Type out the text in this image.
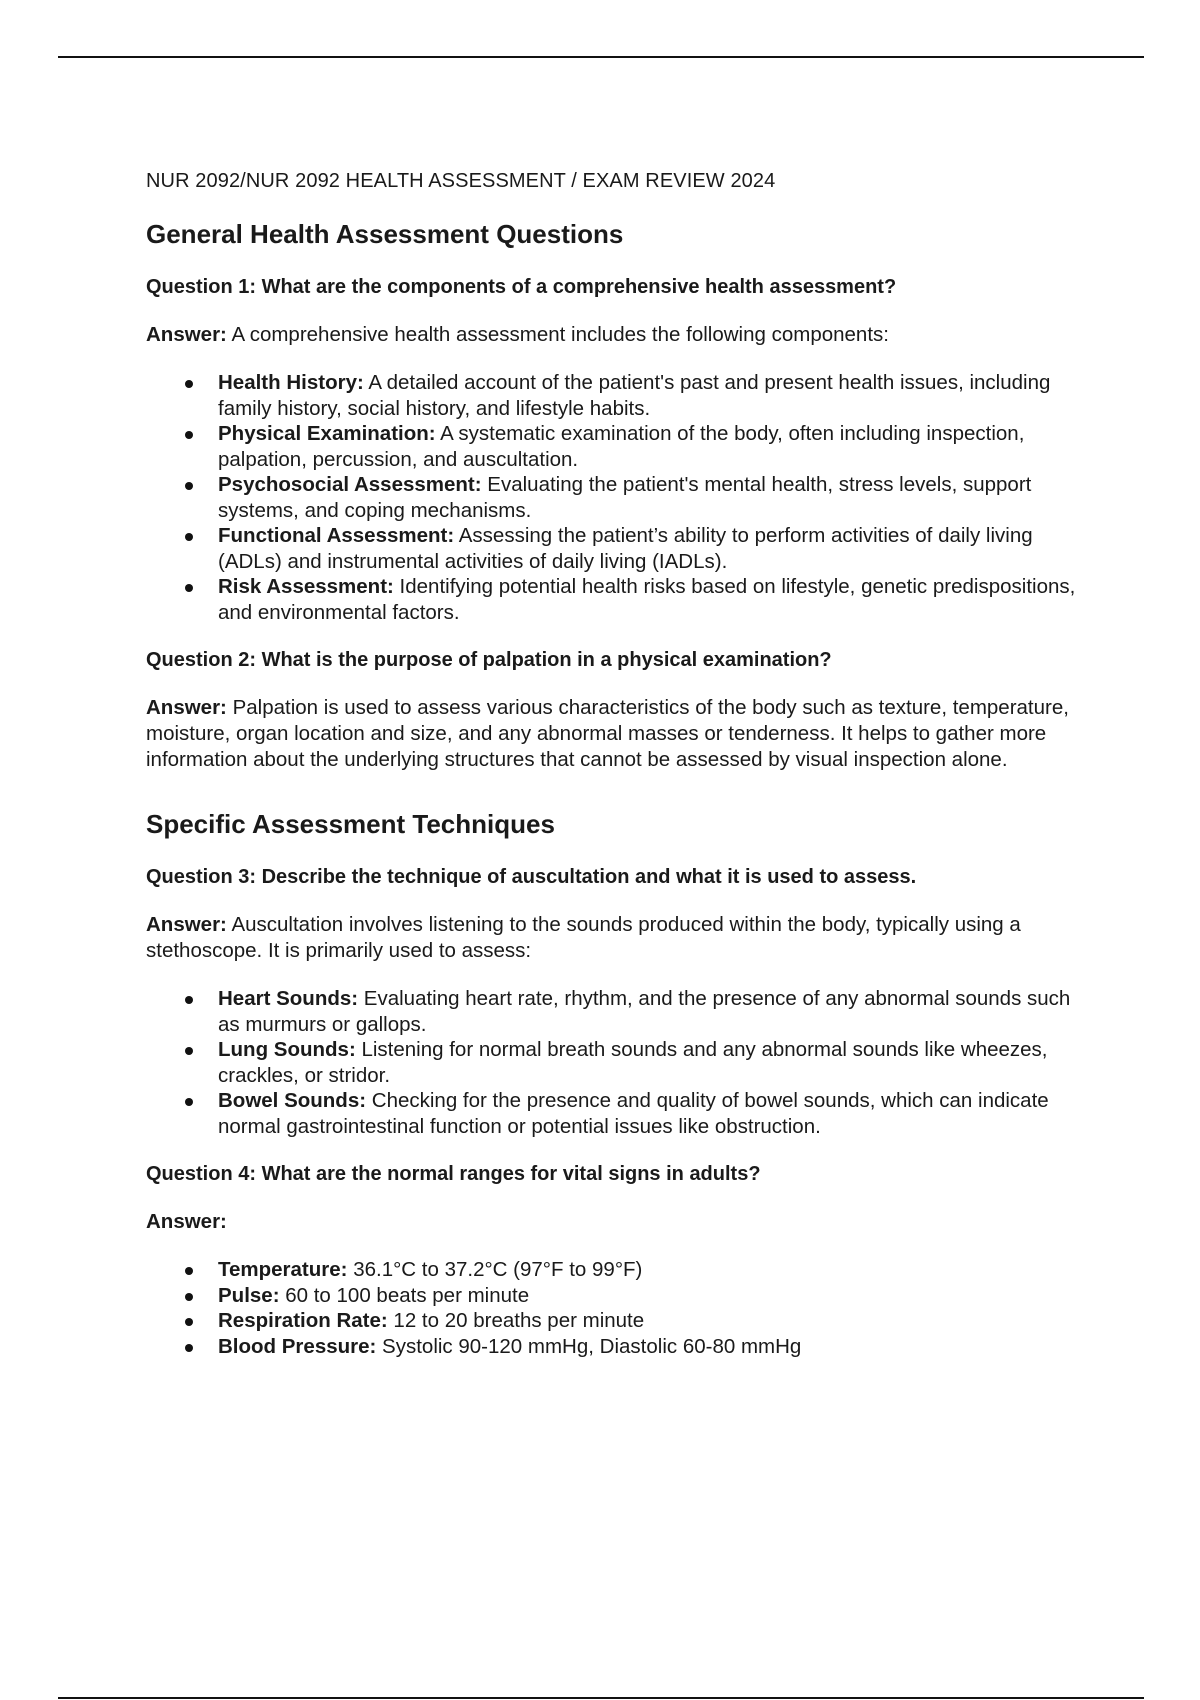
NUR 2092/NUR 2092 HEALTH ASSESSMENT / EXAM REVIEW 2024
General Health Assessment Questions
Question 1: What are the components of a comprehensive health assessment?
Answer: A comprehensive health assessment includes the following components:
Health History: A detailed account of the patient's past and present health issues, including family history, social history, and lifestyle habits.
Physical Examination: A systematic examination of the body, often including inspection, palpation, percussion, and auscultation.
Psychosocial Assessment: Evaluating the patient's mental health, stress levels, support systems, and coping mechanisms.
Functional Assessment: Assessing the patient’s ability to perform activities of daily living (ADLs) and instrumental activities of daily living (IADLs).
Risk Assessment: Identifying potential health risks based on lifestyle, genetic predispositions, and environmental factors.
Question 2: What is the purpose of palpation in a physical examination?
Answer: Palpation is used to assess various characteristics of the body such as texture, temperature, moisture, organ location and size, and any abnormal masses or tenderness. It helps to gather more information about the underlying structures that cannot be assessed by visual inspection alone.
Specific Assessment Techniques
Question 3: Describe the technique of auscultation and what it is used to assess.
Answer: Auscultation involves listening to the sounds produced within the body, typically using a stethoscope. It is primarily used to assess:
Heart Sounds: Evaluating heart rate, rhythm, and the presence of any abnormal sounds such as murmurs or gallops.
Lung Sounds: Listening for normal breath sounds and any abnormal sounds like wheezes, crackles, or stridor.
Bowel Sounds: Checking for the presence and quality of bowel sounds, which can indicate normal gastrointestinal function or potential issues like obstruction.
Question 4: What are the normal ranges for vital signs in adults?
Answer:
Temperature: 36.1°C to 37.2°C (97°F to 99°F)
Pulse: 60 to 100 beats per minute
Respiration Rate: 12 to 20 breaths per minute
Blood Pressure: Systolic 90-120 mmHg, Diastolic 60-80 mmHg
